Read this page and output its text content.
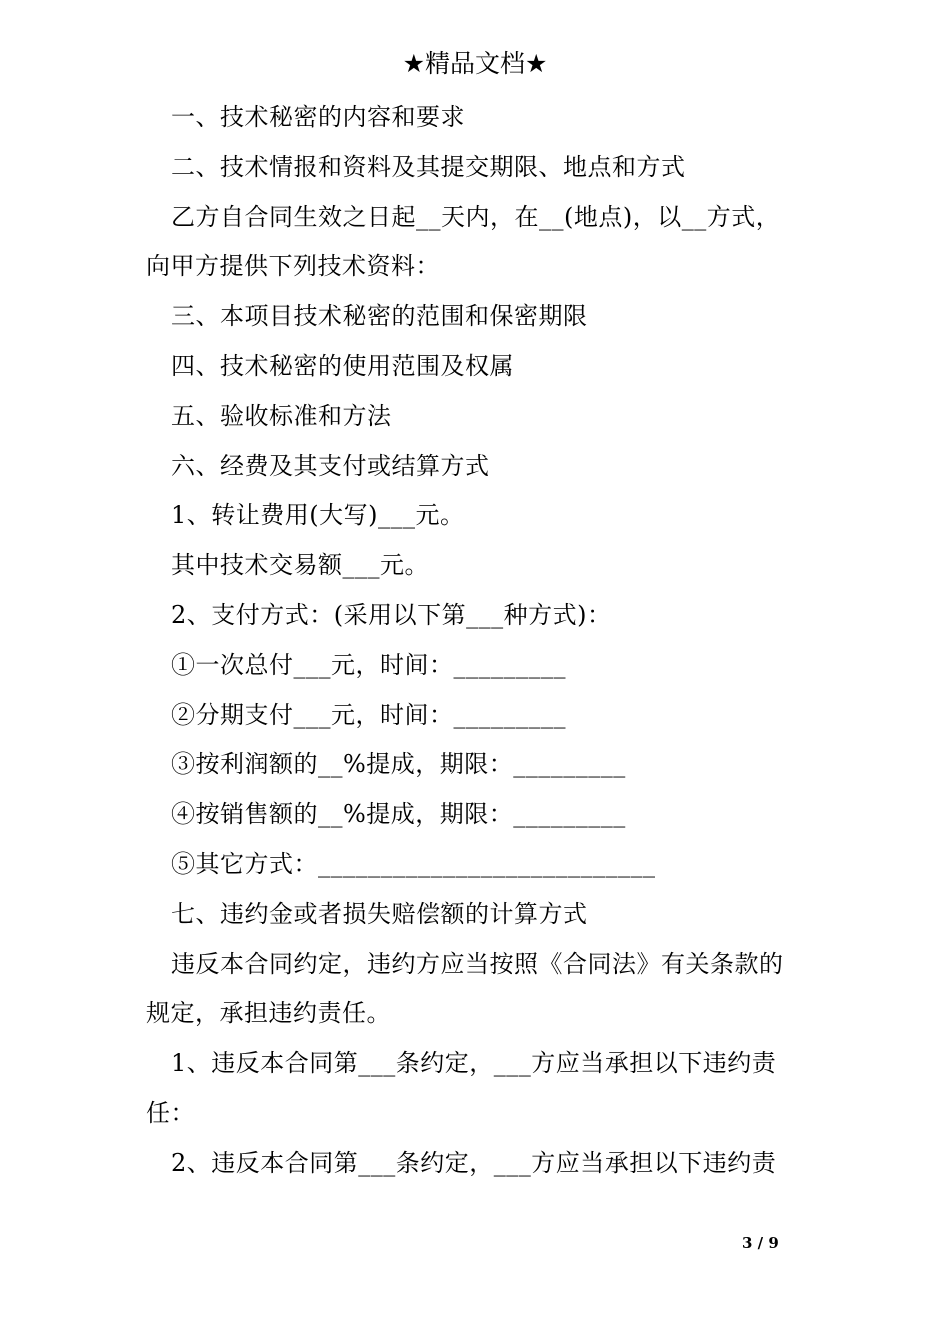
★精品文档★
一、技术秘密的内容和要求
二、技术情报和资料及其提交期限、地点和方式
乙方自合同生效之日起__天内，在__(地点)，以__方式，
向甲方提供下列技术资料：
三、本项目技术秘密的范围和保密期限
四、技术秘密的使用范围及权属
五、验收标准和方法
六、经费及其支付或结算方式
1、转让费用(大写)___元。
其中技术交易额___元。
2、支付方式：(采用以下第___种方式)：
①一次总付___元，时间：_________
②分期支付___元，时间：_________
③按利润额的__%提成，期限：_________
④按销售额的__%提成，期限：_________
⑤其它方式：___________________________
七、违约金或者损失赔偿额的计算方式
违反本合同约定，违约方应当按照《合同法》有关条款的
规定，承担违约责任。
1、违反本合同第___条约定，___方应当承担以下违约责
任：
2、违反本合同第___条约定，___方应当承担以下违约责
3 / 9
